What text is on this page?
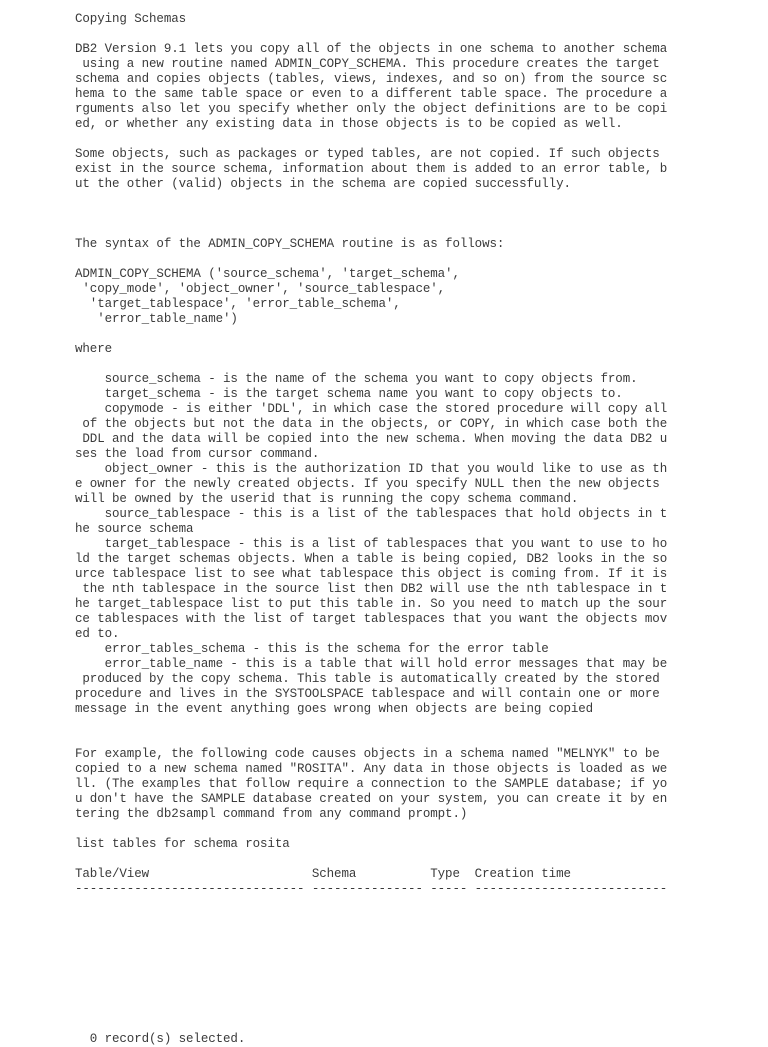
Copying Schemas
DB2 Version 9.1 lets you copy all of the objects in one schema to another schema
using a new routine named ADMIN_COPY_SCHEMA. This procedure creates the target
schema and copies objects (tables, views, indexes, and so on) from the source sc
hema to the same table space or even to a different table space. The procedure a
rguments also let you specify whether only the object definitions are to be copi
ed, or whether any existing data in those objects is to be copied as well.
Some objects, such as packages or typed tables, are not copied. If such objects
exist in the source schema, information about them is added to an error table, b
ut the other (valid) objects in the schema are copied successfully.
The syntax of the ADMIN_COPY_SCHEMA routine is as follows:
ADMIN_COPY_SCHEMA ('source_schema', 'target_schema',
'copy_mode', 'object_owner', 'source_tablespace',
'target_tablespace', 'error_table_schema',
'error_table_name')
where
source_schema - is the name of the schema you want to copy objects from.
target_schema - is the target schema name you want to copy objects to.
copymode - is either 'DDL', in which case the stored procedure will copy all
of the objects but not the data in the objects, or COPY, in which case both the
DDL and the data will be copied into the new schema. When moving the data DB2 u
ses the load from cursor command.
object_owner - this is the authorization ID that you would like to use as th
e owner for the newly created objects. If you specify NULL then the new objects
will be owned by the userid that is running the copy schema command.
source_tablespace - this is a list of the tablespaces that hold objects in t
he source schema
target_tablespace - this is a list of tablespaces that you want to use to ho
ld the target schemas objects. When a table is being copied, DB2 looks in the so
urce tablespace list to see what tablespace this object is coming from. If it is
the nth tablespace in the source list then DB2 will use the nth tablespace in t
he target_tablespace list to put this table in. So you need to match up the sour
ce tablespaces with the list of target tablespaces that you want the objects mov
ed to.
error_tables_schema - this is the schema for the error table
error_table_name - this is a table that will hold error messages that may be
produced by the copy schema. This table is automatically created by the stored
procedure and lives in the SYSTOOLSPACE tablespace and will contain one or more
message in the event anything goes wrong when objects are being copied
For example, the following code causes objects in a schema named "MELNYK" to be
copied to a new schema named "ROSITA". Any data in those objects is loaded as we
ll. (The examples that follow require a connection to the SAMPLE database; if yo
u don't have the SAMPLE database created on your system, you can create it by en
tering the db2sampl command from any command prompt.)
list tables for schema rosita
Table/View                      Schema          Type  Creation time
------------------------------- --------------- ----- --------------------------
0 record(s) selected.
